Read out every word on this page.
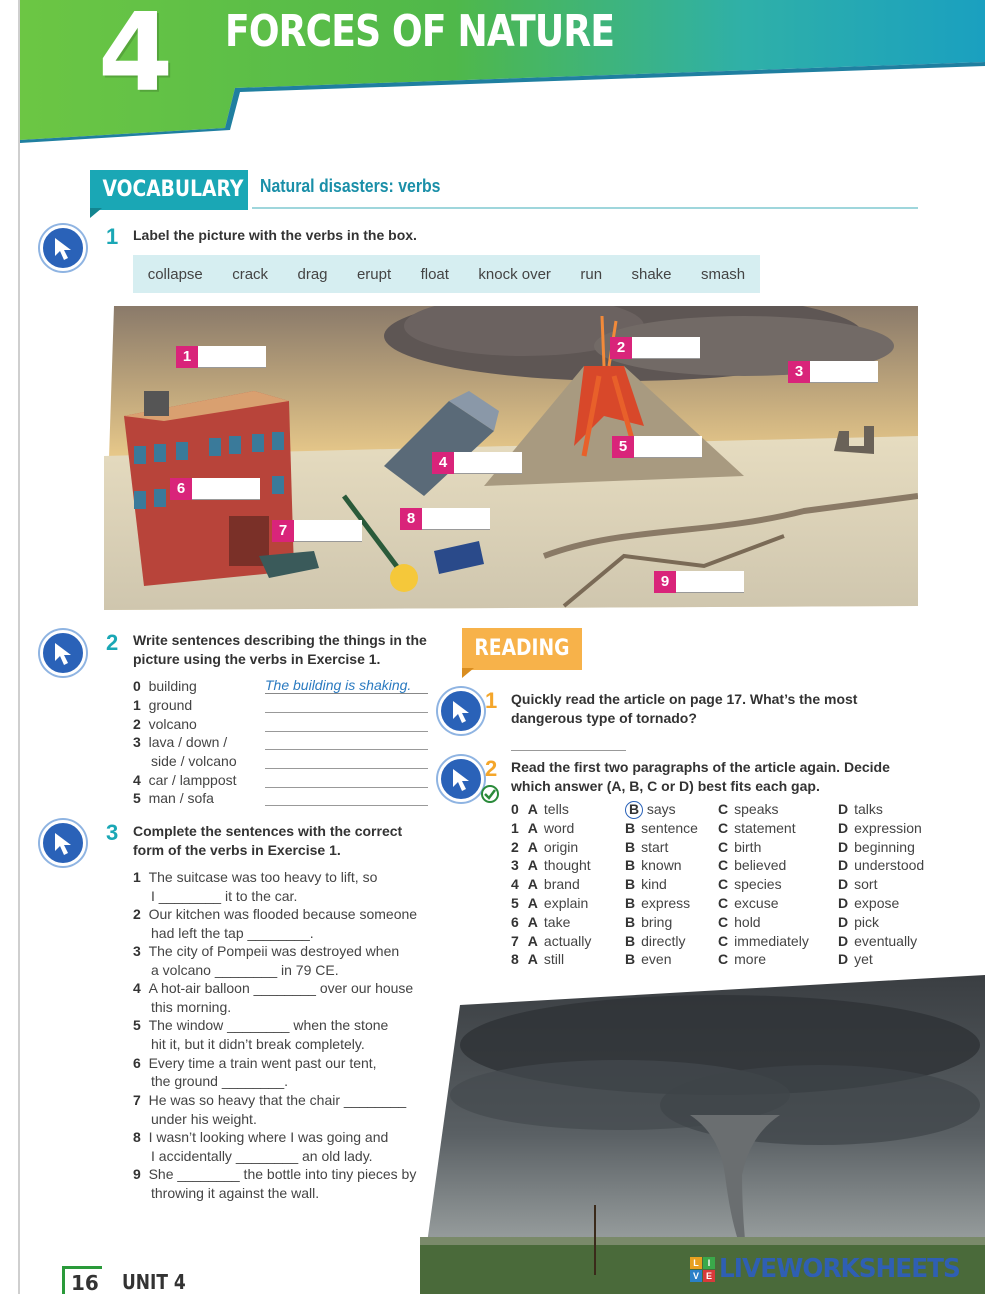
4 FORCES OF NATURE
VOCABULARY Natural disasters: verbs
1 Label the picture with the verbs in the box.
collapse crack drag erupt float knock over run shake smash
1
2
3
4
5
6
7
8
9
2 Write sentences describing the things in the
picture using the verbs in Exercise 1.
0 building	The building is shaking.
1 ground
2 volcano
3 lava / down /
side / volcano
4 car / lamppost
5 man / sofa
3 Complete the sentences with the correct
form of the verbs in Exercise 1.
1 The suitcase was too heavy to lift, so
I ________ it to the car.
2 Our kitchen was flooded because someone
had left the tap ________.
3 The city of Pompeii was destroyed when
a volcano ________ in 79 CE.
4 A hot-air balloon ________ over our house
this morning.
5 The window ________ when the stone
hit it, but it didn’t break completely.
6 Every time a train went past our tent,
the ground ________.
7 He was so heavy that the chair ________
under his weight.
8 I wasn’t looking where I was going and
I accidentally ________ an old lady.
9 She ________ the bottle into tiny pieces by
throwing it against the wall.
READING
1 Quickly read the article on page 17. What’s the most
dangerous type of tornado?
2 Read the first two paragraphs of the article again. Decide
which answer (A, B, C or D) best fits each gap.
0 A tells	B says	C speaks	D talks
1 A word	B sentence C statement	D expression
2 A origin	B start	C birth	D beginning
3 A thought B known	C believed	D understood
4 A brand	B kind	C species	D sort
5 A explain	B express C excuse	D expose
6 A take	B bring	C hold	D pick
7 A actually B directly C immediately D eventually
8 A still	B even	C more	D yet
16 UNIT 4
L I
V E LIVEWORKSHEETS
